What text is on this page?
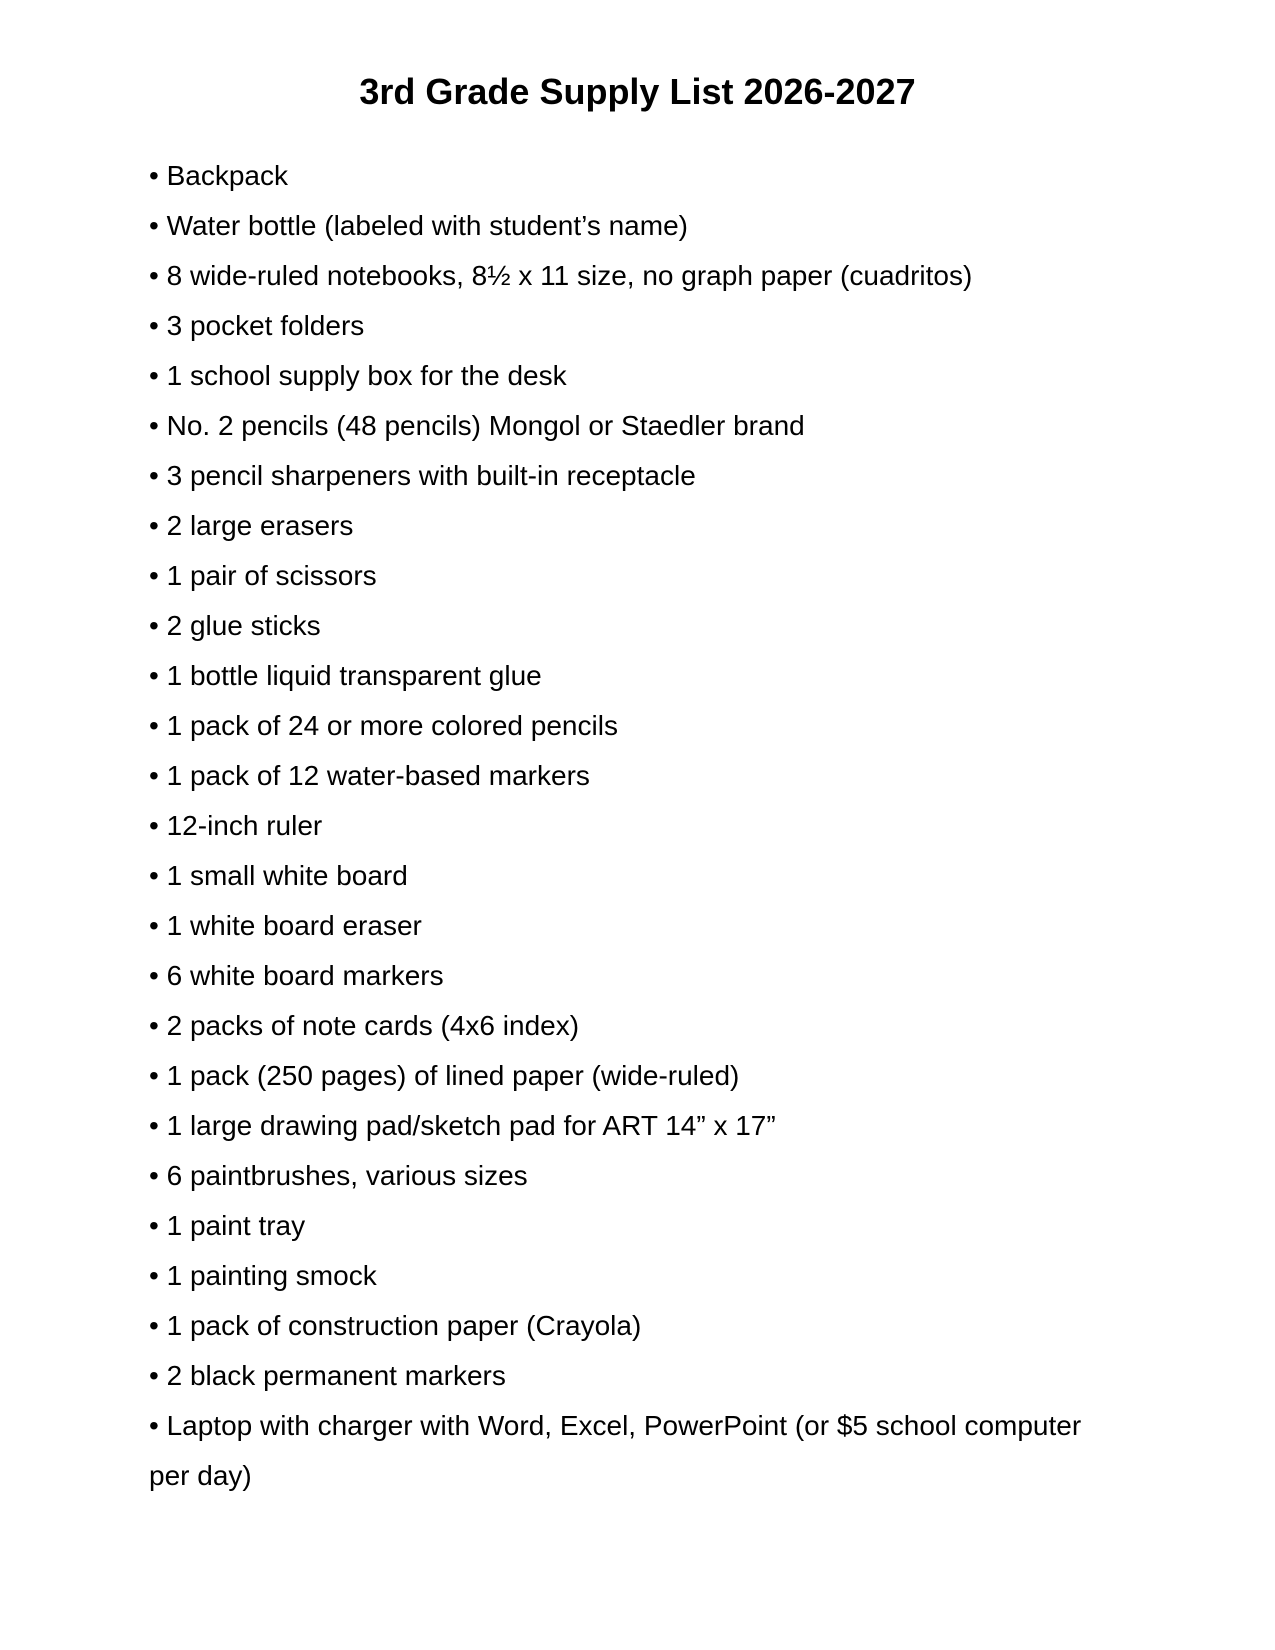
3rd Grade Supply List 2026-2027
• Backpack
• Water bottle (labeled with student’s name)
• 8 wide-ruled notebooks, 8½ x 11 size, no graph paper (cuadritos)
• 3 pocket folders
• 1 school supply box for the desk
• No. 2 pencils (48 pencils) Mongol or Staedler brand
• 3 pencil sharpeners with built-in receptacle
• 2 large erasers
• 1 pair of scissors
• 2 glue sticks
• 1 bottle liquid transparent glue
• 1 pack of 24 or more colored pencils
• 1 pack of 12 water-based markers
• 12-inch ruler
• 1 small white board
• 1 white board eraser
• 6 white board markers
• 2 packs of note cards (4x6 index)
• 1 pack (250 pages) of lined paper (wide-ruled)
• 1 large drawing pad/sketch pad for ART 14” x 17”
• 6 paintbrushes, various sizes
• 1 paint tray
• 1 painting smock
• 1 pack of construction paper (Crayola)
• 2 black permanent markers
• Laptop with charger with Word, Excel, PowerPoint (or $5 school computer per day)
